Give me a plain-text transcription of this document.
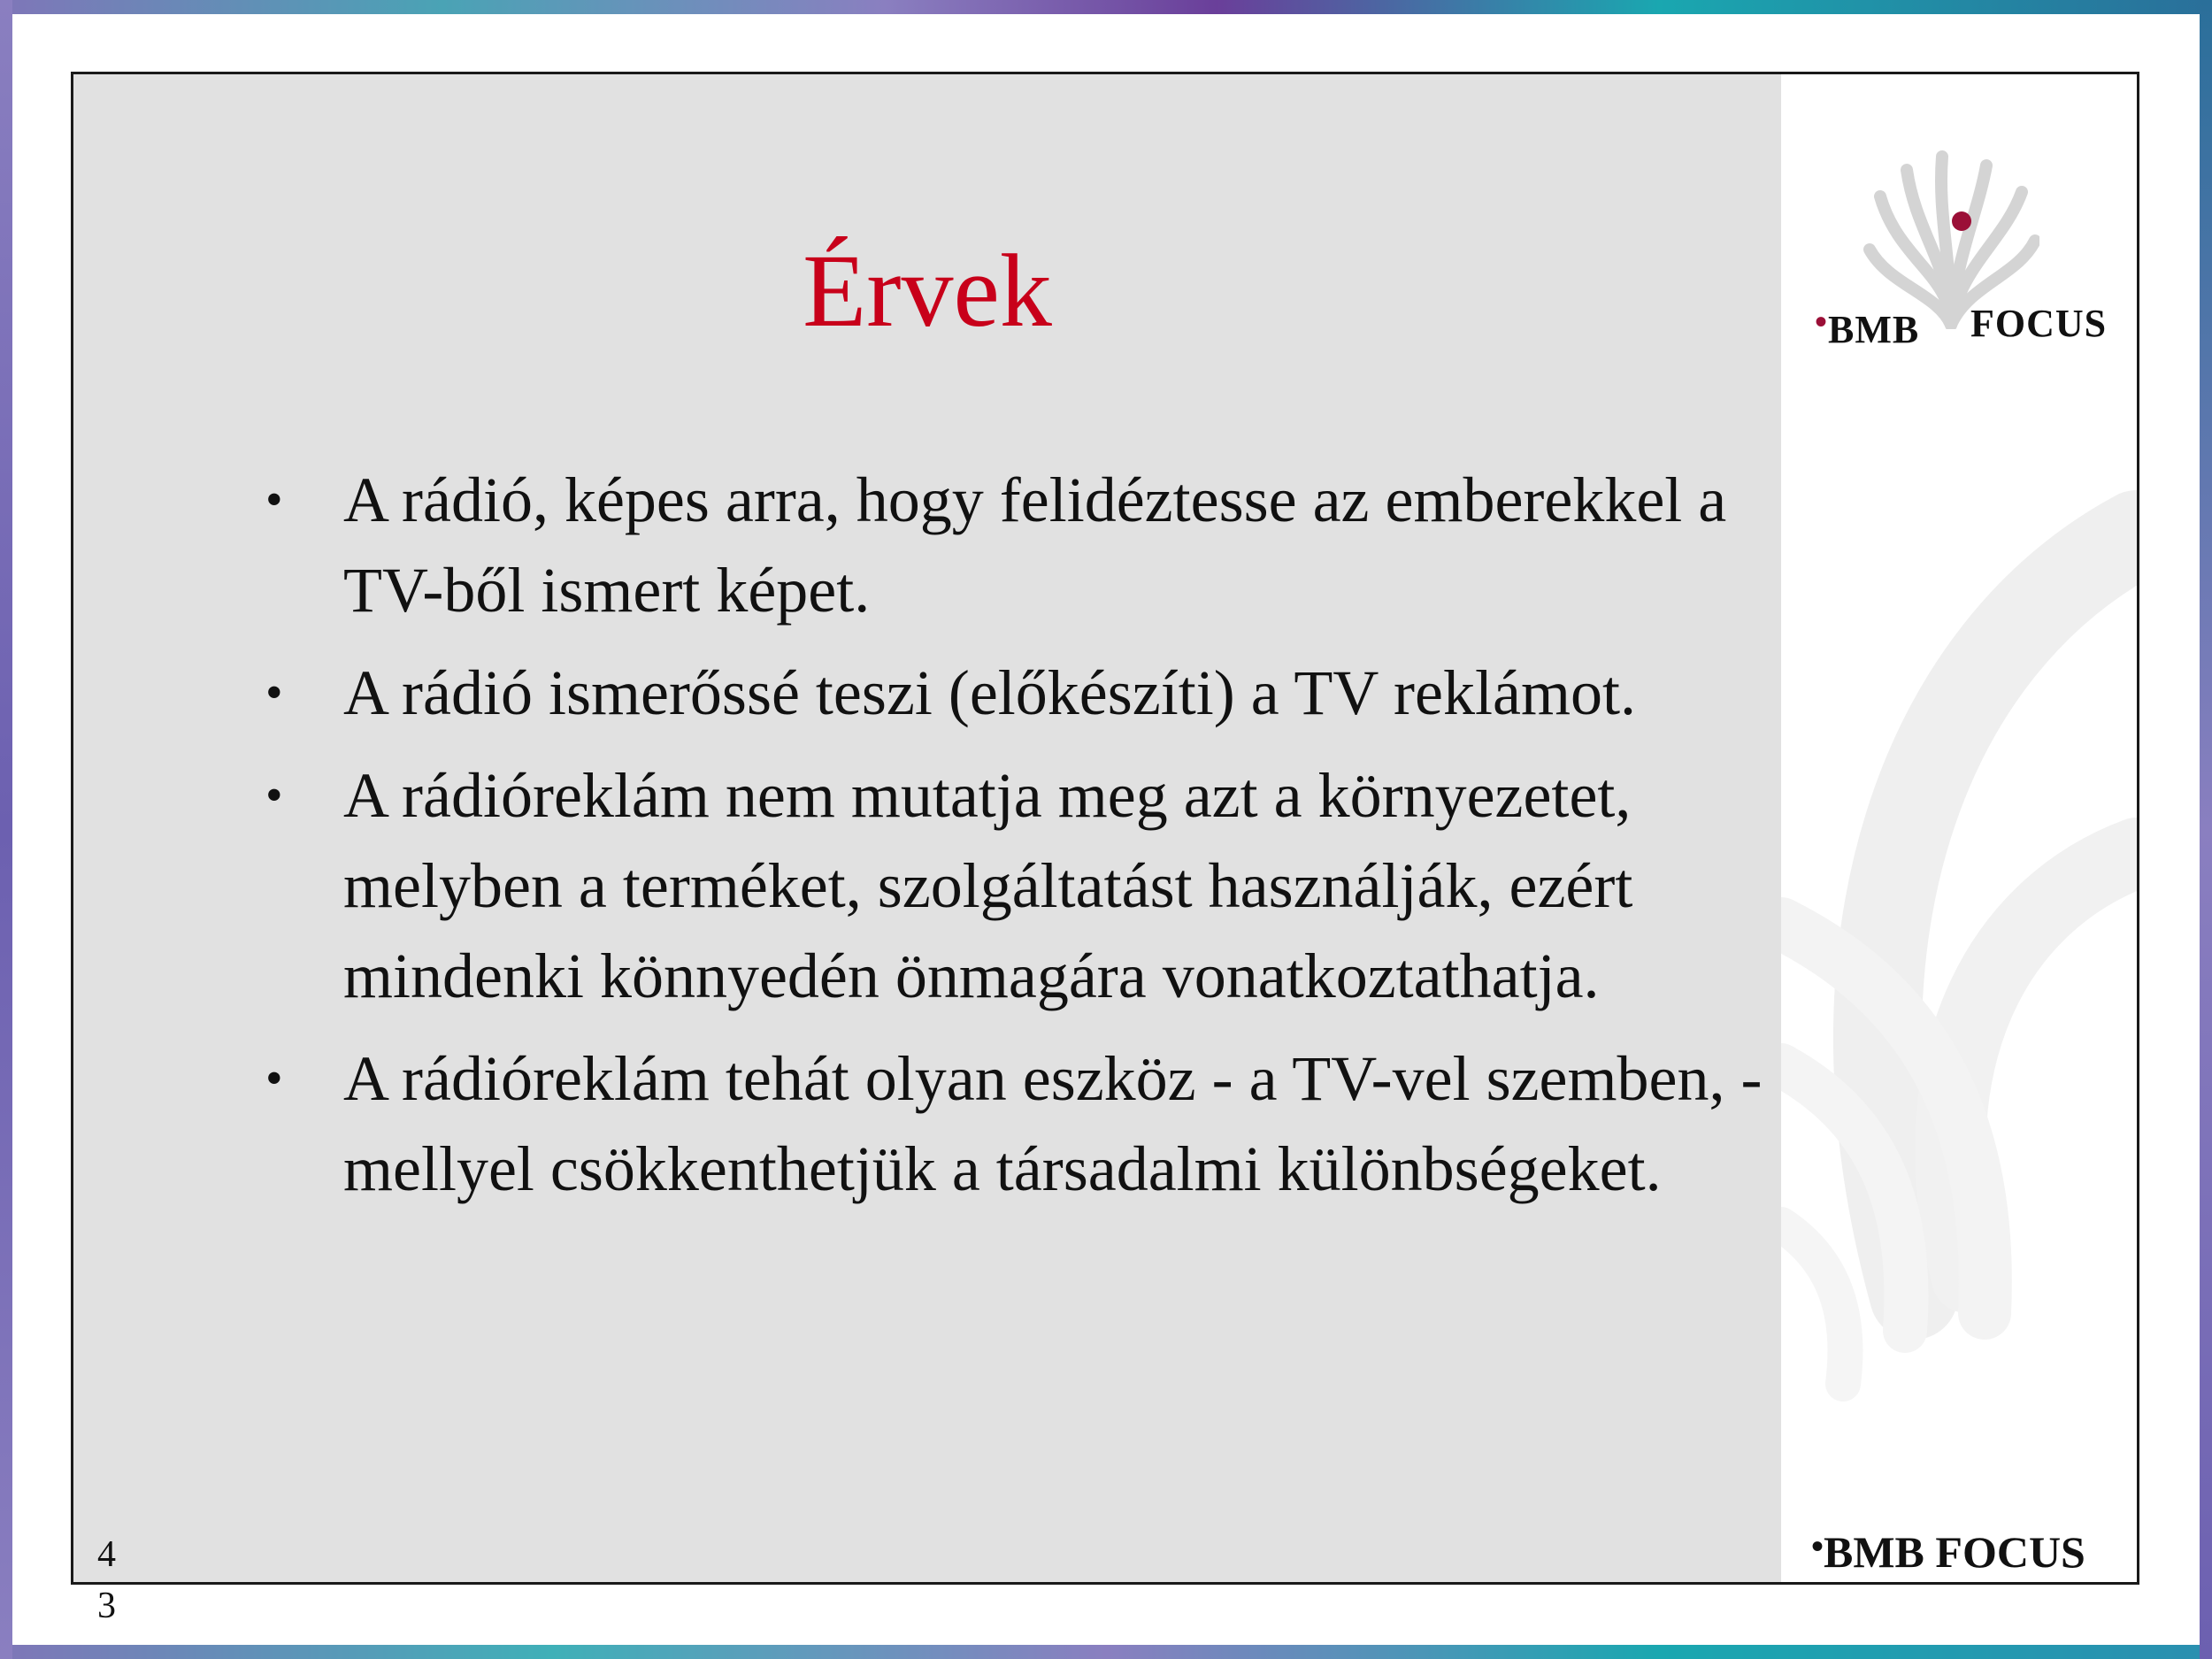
Érvek
• A rádió, képes arra, hogy felidéztesse az emberekkel a TV-ből ismert képet.
• A rádió ismerőssé teszi (előkészíti) a TV reklámot.
• A rádióreklám nem mutatja meg azt a környezetet, melyben a terméket, szolgáltatást használják, ezért mindenki könnyedén önmagára vonatkoztathatja.
• A rádióreklám tehát olyan eszköz - a TV-vel szemben, - mellyel csökkenthetjük a társadalmi különbségeket.
•BMB FOCUS
•BMB FOCUS
4
3
